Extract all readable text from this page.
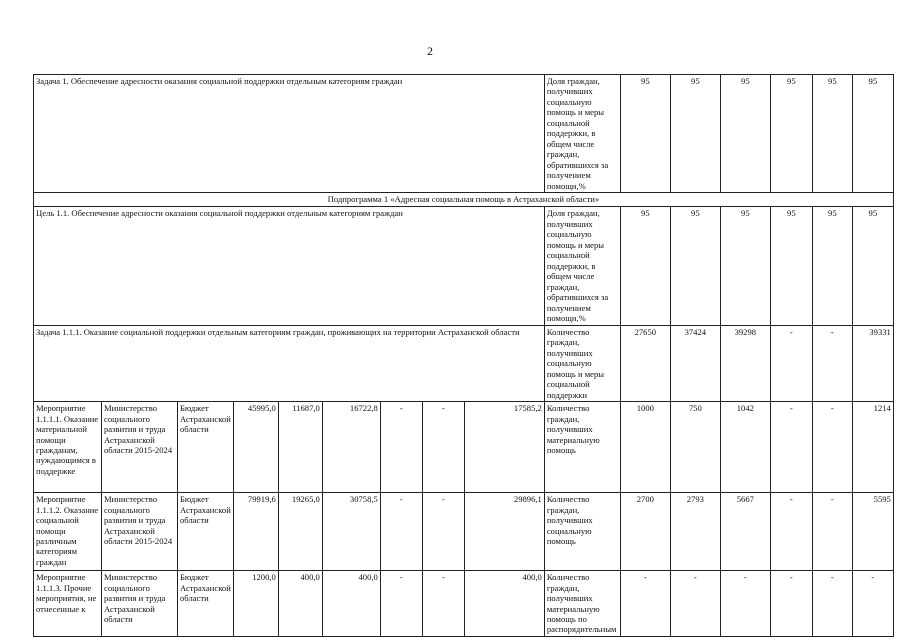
2
Задача 1. Обеспечение адресности оказания социальной поддержки отдельным категориям граждан									Доля граждан, получивших социальную помощь и меры социальной поддержки, в общем числе граждан, обратившихся за получением помощи,%	95	95	95	95	95	95
Подпрограмма 1 «Адресная социальная помощь в Астраханской области»															
Цель 1.1. Обеспечение адресности оказания социальной поддержки отдельным категориям граждан									Доля граждан, получивших социальную помощь и меры социальной поддержки, в общем числе граждан, обратившихся за получением помощи,%	95	95	95	95	95	95
Задача 1.1.1. Оказание социальной поддержки отдельным категориям граждан, проживающих на территории Астраханской области									Количество граждан, получивших социальную помощь и меры социальной поддержки	27650	37424	39298	-	-	39331
Мероприятие 1.1.1.1. Оказание материальной помощи гражданам, нуждающимся в поддержке	Министерство социального развития и труда Астраханской области 2015-2024	Бюджет Астраханской области	45995,0	11687,0	16722,8	-	-	17585,2	Количество граждан, получивших материальную помощь	1000	750	1042	-	-	1214
Мероприятие 1.1.1.2. Оказание социальной помощи различным категориям граждан	Министерство социального развития и труда Астраханской области 2015-2024	Бюджет Астраханской области	79919,6	19265,0	30758,5	-	-	29896,1	Количество граждан, получивших социальную помощь	2700	2793	5667	-	-	5595
Мероприятие 1.1.1.3. Прочие мероприятия, не отнесенные к	Министерство социального развития и труда Астраханской области	Бюджет Астраханской области	1200,0	400,0	400,0	-	-	400,0	Количество граждан, получивших материальную помощь по распорядительным	-	-	-	-	-	-
